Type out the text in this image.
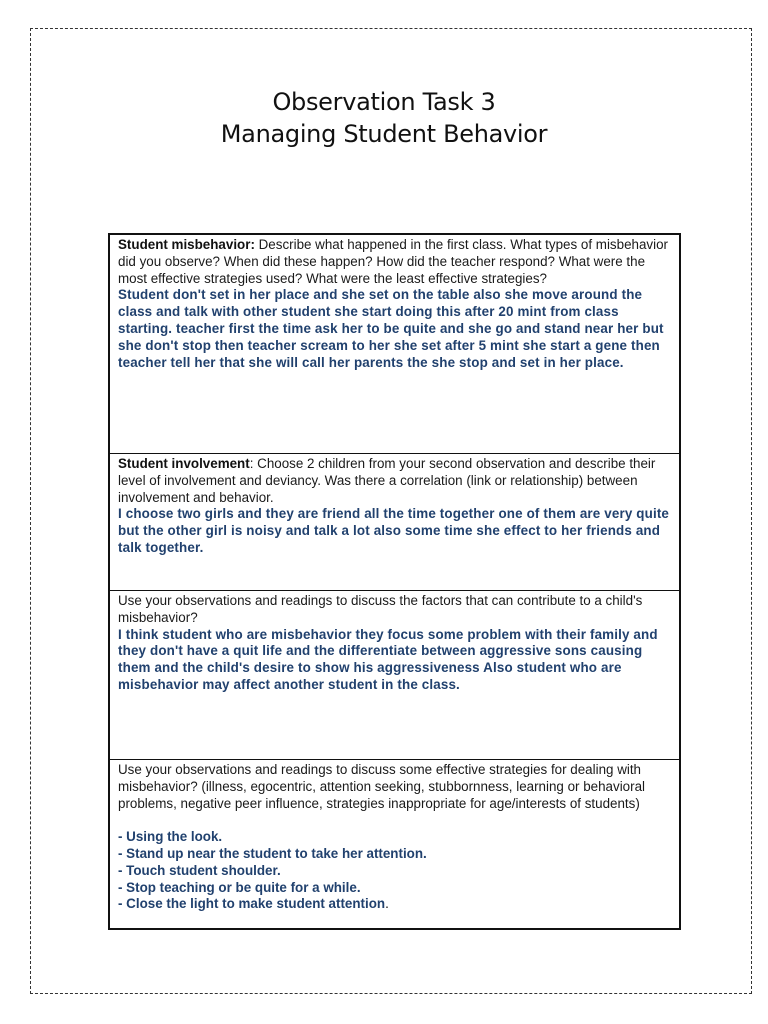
Observation Task 3
Managing Student Behavior
Student misbehavior: Describe what happened in the first class. What types of misbehavior did you observe? When did these happen? How did the teacher respond? What were the most effective strategies used? What were the least effective strategies?
Student don't set in her place and she set on the table also she move around the class and talk with other student she start doing this after 20 mint from class starting. teacher first the time ask her to be quite and she go and stand near her but she don't stop then teacher scream to her she set after 5 mint she start a gene then teacher tell her that she will call her parents the she stop and set in her place.
Student involvement: Choose 2 children from your second observation and describe their level of involvement and deviancy. Was there a correlation (link or relationship) between involvement and behavior.
I choose two girls and they are friend all the time together one of them are very quite but the other girl is noisy and talk a lot also some time she effect to her friends and talk together.
Use your observations and readings to discuss the factors that can contribute to a child's misbehavior?
I think student who are misbehavior they focus some problem with their family and they don't have a quit life and the differentiate between aggressive sons causing them and the child's desire to show his aggressiveness Also student who are misbehavior may affect another student in the class.
Use your observations and readings to discuss some effective strategies for dealing with misbehavior? (illness, egocentric, attention seeking, stubbornness, learning or behavioral problems, negative peer influence, strategies inappropriate for age/interests of students)
- Using the look.
- Stand up near the student to take her attention.
- Touch student shoulder.
- Stop teaching or be quite for a while.
- Close the light to make student attention.
